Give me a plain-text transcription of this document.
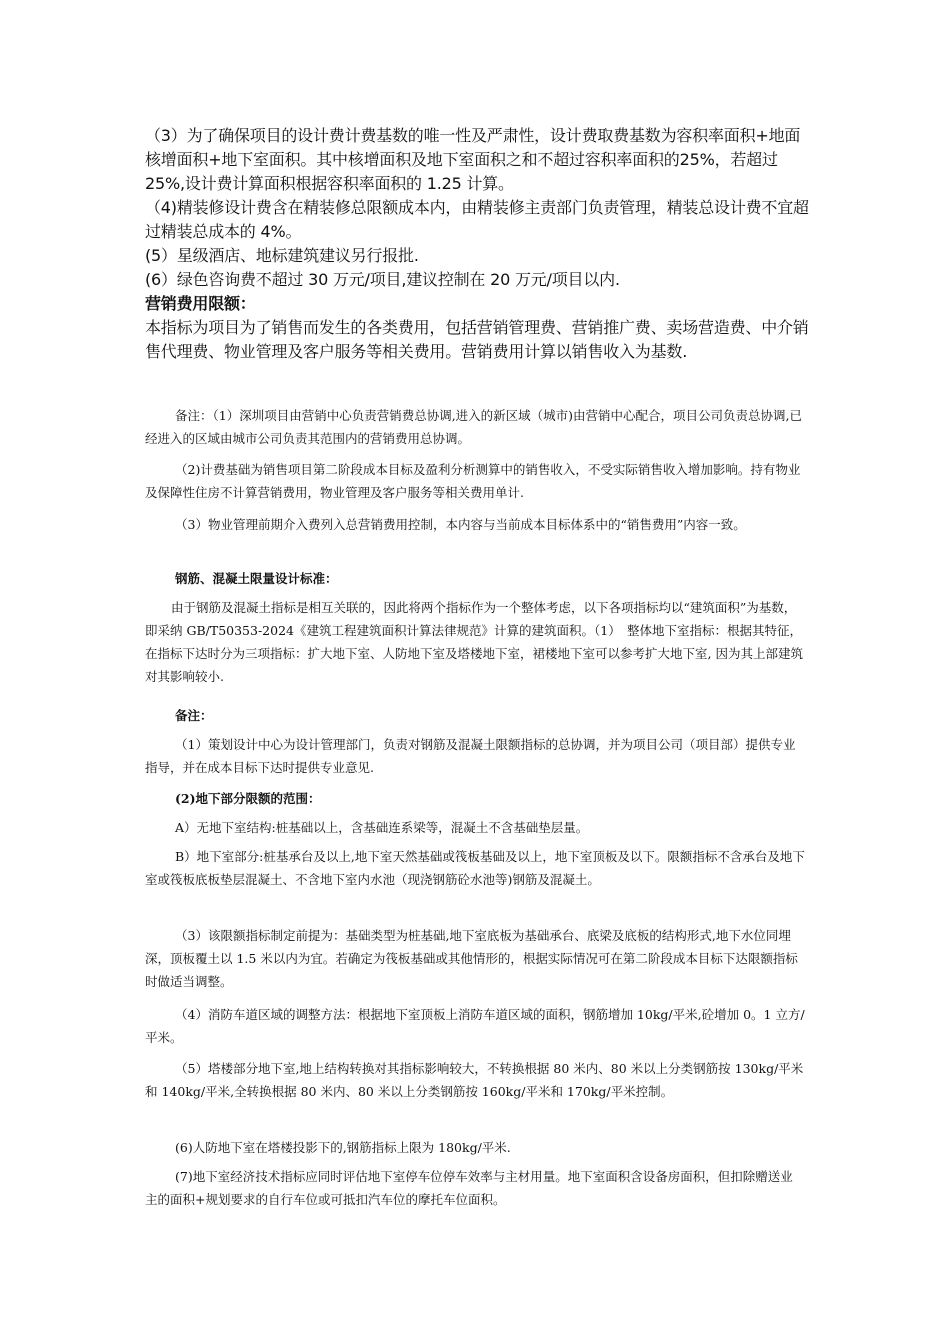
（3）为了确保项目的设计费计费基数的唯一性及严肃性，设计费取费基数为容积率面积+地面核增面积+地下室面积。其中核增面积及地下室面积之和不超过容积率面积的25%，若超过 25%,设计费计算面积根据容积率面积的 1.25 计算。

（4)精装修设计费含在精装修总限额成本内，由精装修主责部门负责管理，精装总设计费不宜超过精装总成本的 4%。

(5）星级酒店、地标建筑建议另行报批.

(6）绿色咨询费不超过 30 万元/项目,建议控制在 20 万元/项目以内.

营销费用限额：

本指标为项目为了销售而发生的各类费用，包括营销管理费、营销推广费、卖场营造费、中介销售代理费、物业管理及客户服务等相关费用。营销费用计算以销售收入为基数.

备注：（1）深圳项目由营销中心负责营销费总协调,进入的新区域（城市)由营销中心配合，项目公司负责总协调,已经进入的区域由城市公司负责其范围内的营销费用总协调。

（2)计费基础为销售项目第二阶段成本目标及盈利分析测算中的销售收入，不受实际销售收入增加影响。持有物业及保障性住房不计算营销费用，物业管理及客户服务等相关费用单计.

（3）物业管理前期介入费列入总营销费用控制，本内容与当前成本目标体系中的“销售费用”内容一致。

钢筋、混凝土限量设计标准：

由于钢筋及混凝土指标是相互关联的，因此将两个指标作为一个整体考虑，以下各项指标均以“建筑面积”为基数，即采纳 GB/T50353-2024《建筑工程建筑面积计算法律规范》计算的建筑面积。（1）　整体地下室指标：根据其特征，在指标下达时分为三项指标：扩大地下室、人防地下室及塔楼地下室，裙楼地下室可以参考扩大地下室, 因为其上部建筑对其影响较小.

备注：

（1）策划设计中心为设计管理部门，负责对钢筋及混凝土限额指标的总协调，并为项目公司（项目部）提供专业指导，并在成本目标下达时提供专业意见.

(2)地下部分限额的范围：

A）无地下室结构:桩基础以上，含基础连系梁等，混凝土不含基础垫层量。

B）地下室部分:桩基承台及以上,地下室天然基础或筏板基础及以上，地下室顶板及以下。限额指标不含承台及地下室或筏板底板垫层混凝土、不含地下室内水池（现浇钢筋砼水池等)钢筋及混凝土。

（3）该限额指标制定前提为：基础类型为桩基础,地下室底板为基础承台、底梁及底板的结构形式,地下水位同埋深，顶板覆土以 1.5 米以内为宜。若确定为筏板基础或其他情形的，根据实际情况可在第二阶段成本目标下达限额指标时做适当调整。

（4）消防车道区域的调整方法：根据地下室顶板上消防车道区域的面积，钢筋增加 10kg/平米,砼增加 0。1 立方/平米。

（5）塔楼部分地下室,地上结构转换对其指标影响较大，不转换根据 80 米内、80 米以上分类钢筋按 130kg/平米和 140kg/平米,全转换根据 80 米内、80 米以上分类钢筋按 160kg/平米和 170kg/平米控制。

(6)人防地下室在塔楼投影下的,钢筋指标上限为 180kg/平米.

(7)地下室经济技术指标应同时评估地下室停车位停车效率与主材用量。地下室面积含设备房面积，但扣除赠送业主的面积+规划要求的自行车位或可抵扣汽车位的摩托车位面积。
